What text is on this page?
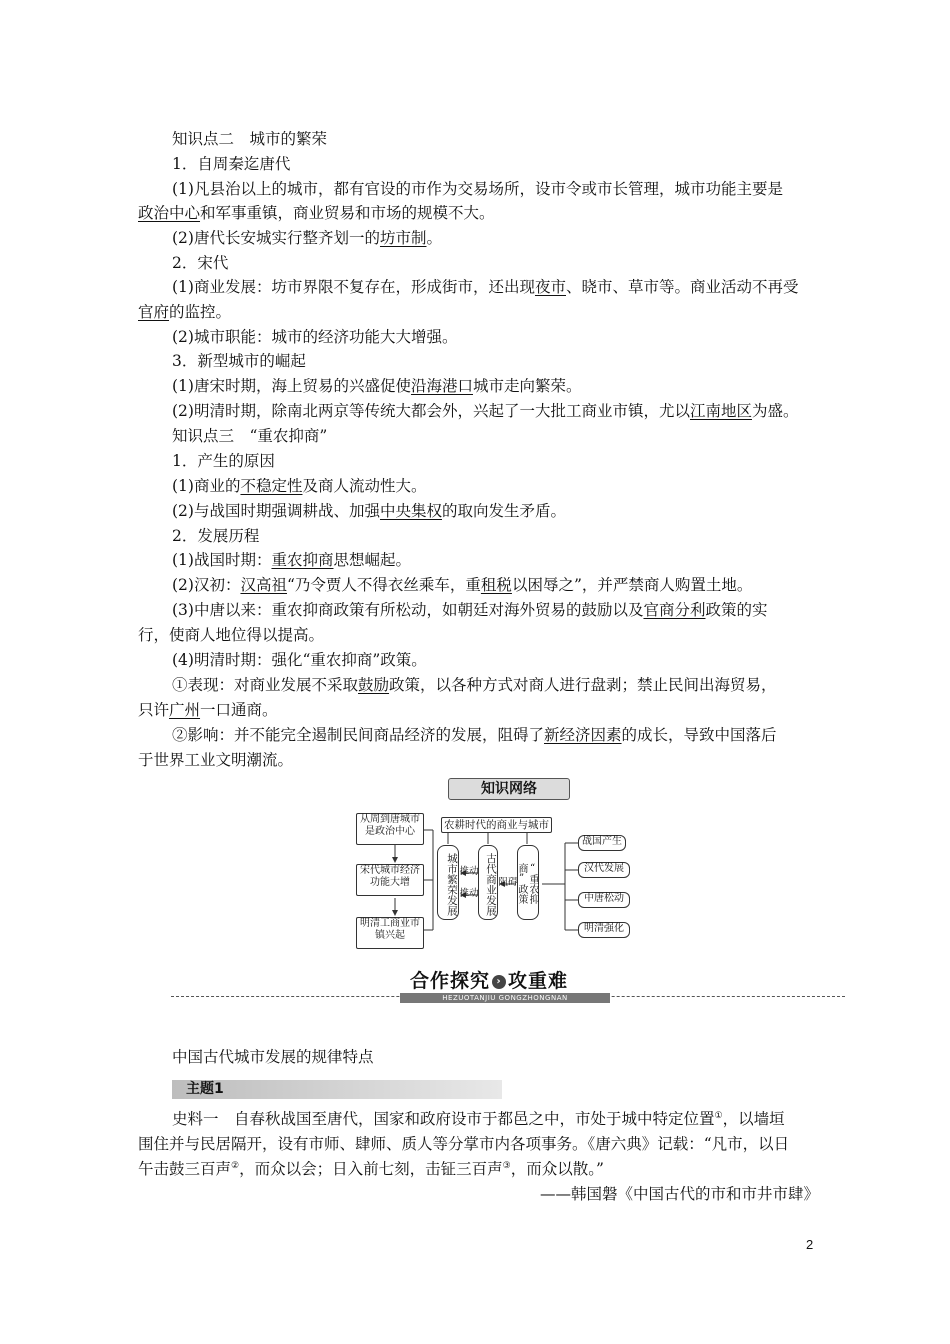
知识点二　城市的繁荣
1．自周秦迄唐代
(1)凡县治以上的城市，都有官设的市作为交易场所，设市令或市长管理，城市功能主要是
政治中心和军事重镇，商业贸易和市场的规模不大。
(2)唐代长安城实行整齐划一的坊市制。
2．宋代
(1)商业发展：坊市界限不复存在，形成街市，还出现夜市、晓市、草市等。商业活动不再受
官府的监控。
(2)城市职能：城市的经济功能大大增强。
3．新型城市的崛起
(1)唐宋时期，海上贸易的兴盛促使沿海港口城市走向繁荣。
(2)明清时期，除南北两京等传统大都会外，兴起了一大批工商业市镇，尤以江南地区为盛。
知识点三　“重农抑商”
1．产生的原因
(1)商业的不稳定性及商人流动性大。
(2)与战国时期强调耕战、加强中央集权的取向发生矛盾。
2．发展历程
(1)战国时期：重农抑商思想崛起。
(2)汉初：汉高祖“乃令贾人不得衣丝乘车，重租税以困辱之”，并严禁商人购置土地。
(3)中唐以来：重农抑商政策有所松动，如朝廷对海外贸易的鼓励以及官商分利政策的实
行，使商人地位得以提高。
(4)明清时期：强化“重农抑商”政策。
①表现：对商业发展不采取鼓励政策，以各种方式对商人进行盘剥；禁止民间出海贸易，
只许广州一口通商。
②影响：并不能完全遏制民间商品经济的发展，阻碍了新经济因素的成长，导致中国落后
于世界工业文明潮流。
知识网络
从周到唐城市是政治中心
宋代城市经济功能大增
明清工商业市镇兴起
农耕时代的商业与城市
城市繁荣发展 推动
推动 古代商业发展 阻碍 “重农抑商”政策
战国产生
汉代发展
中唐松动
明清强化
合作探究 › 攻重难
HEZUOTANJIU GONGZHONGNAN
中国古代城市发展的规律特点
主题1
史料一　自春秋战国至唐代，国家和政府设市于都邑之中，市处于城中特定位置①，以墙垣
围住并与民居隔开，设有市师、肆师、质人等分掌市内各项事务。《唐六典》记载：“凡市，以日
午击鼓三百声②，而众以会；日入前七刻，击钲三百声③，而众以散。”
——韩国磐《中国古代的市和市井市肆》
2
